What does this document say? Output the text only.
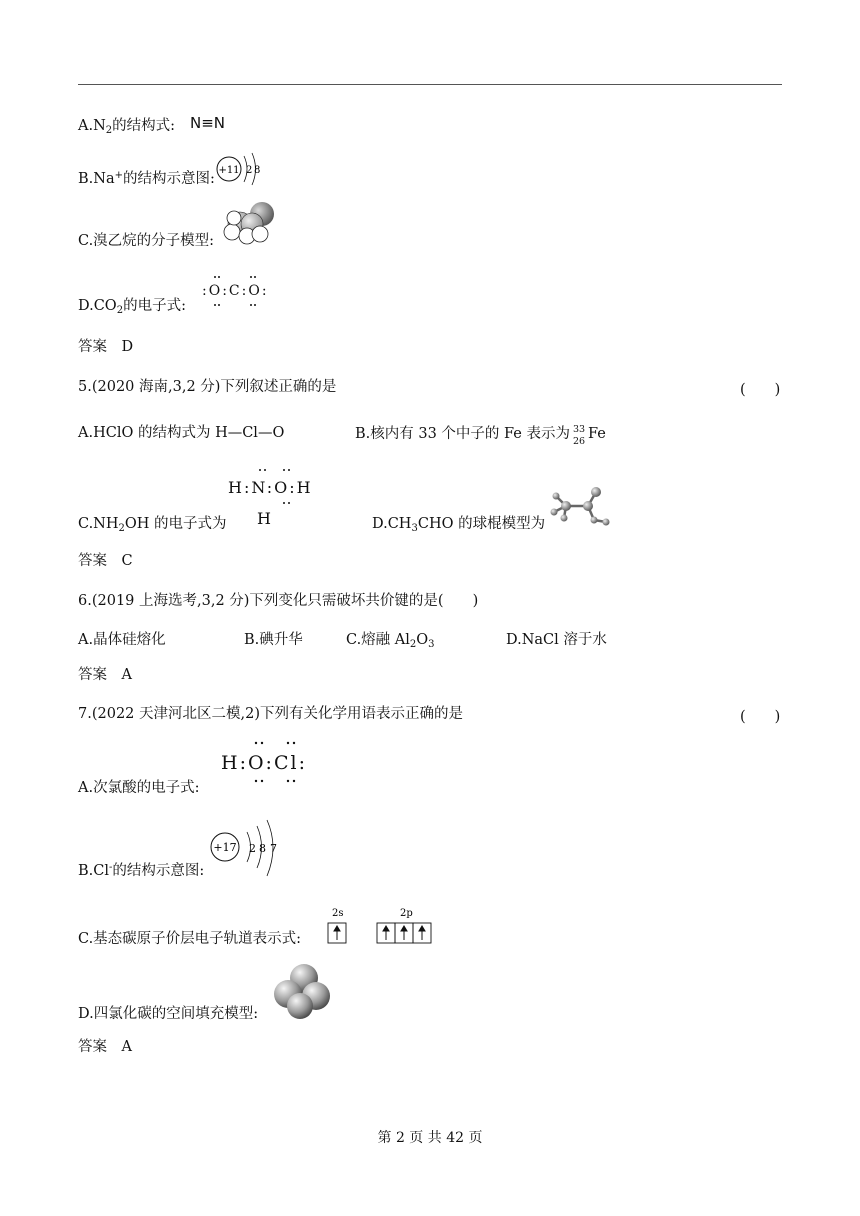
$A.N_2$的结构式: N≡N
B.Na+的结构示意图:
+11 2 8
C.溴乙烷的分子模型:
$D.CO_2$的电子式:
:O:C:O:
答案　D
5.(2020 海南,3,2 分)下列叙述正确的是	(　　)
A.HClO 的结构式为 H—Cl—O	B.核内有 33 个中子的 Fe 表示为 33
26 Fe
H:N:O:H
H
$C.NH_2OH$ 的电子式为	$D.CH_3CHO$ 的球棍模型为
答案　C
6.(2019 上海选考,3,2 分)下列变化只需破坏共价键的是(　　)
A.晶体硅熔化	B.碘升华	C.熔融 $Al_2O_3$	D.NaCl 溶于水
答案　A
7.(2022 天津河北区二模,2)下列有关化学用语表示正确的是	(　　)
H:O:Cl:
A.次氯酸的电子式:
+17 2 8 7
B.Cl-的结构示意图:
2s	2p
C.基态碳原子价层电子轨道表示式:
D.四氯化碳的空间填充模型:
答案　A
第 2 页 共 42 页
